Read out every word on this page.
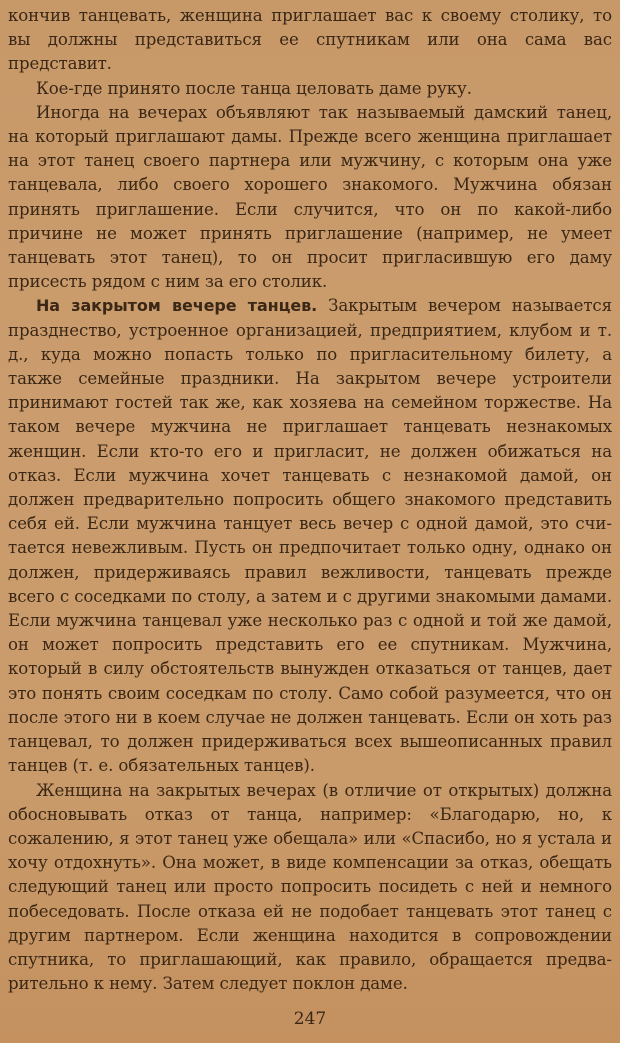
кончив танцевать, женщина приглашает вас к своему столику, то вы должны представиться ее спутникам или она сама вас представит.

Кое-где принято после танца целовать даме руку.

Иногда на вечерах объявляют так называемый дамский танец, на который приглашают дамы. Прежде всего женщина приглашает на этот танец своего партнера или мужчину, с которым она уже танцевала, либо своего хорошего знакомого. Мужчина обязан принять приглашение. Если случится, что он по какой-либо причине не может принять приглашение (например, не умеет танцевать этот танец), то он просит пригласившую его даму присесть рядом с ним за его столик.

На закрытом вечере танцев. Закрытым вечером называется празднество, устроенное организацией, предприятием, клубом и т. д., куда можно попасть только по пригласительному билету, а также семейные праздники. На закрытом вечере устроители принимают гостей так же, как хозяева на семейном торжестве. На таком вечере мужчина не приглашает танцевать незнакомых женщин. Если кто-то его и пригласит, не должен обижаться на отказ. Если мужчина хочет танцевать с незнакомой дамой, он должен предварительно попросить общего знакомого представить себя ей. Если мужчина танцует весь вечер с одной дамой, это считается невежливым. Пусть он предпочитает только одну, однако он должен, придерживаясь правил вежливости, танцевать прежде всего с соседками по столу, а затем и с другими знакомыми дамами. Если мужчина танцевал уже несколько раз с одной и той же дамой, он может попросить представить его ее спутникам. Мужчина, который в силу обстоятельств вынужден отказаться от танцев, дает это понять своим соседкам по столу. Само собой разумеется, что он после этого ни в коем случае не должен танцевать. Если он хоть раз танцевал, то должен придерживаться всех вышеописанных правил танцев (т. е. обязательных танцев).

Женщина на закрытых вечерах (в отличие от открытых) должна обосновывать отказ от танца, например: «Благодарю, но, к сожалению, я этот танец уже обещала» или «Спасибо, но я устала и хочу отдохнуть». Она может, в виде компенсации за отказ, обещать следующий танец или просто попросить посидеть с ней и немного побеседовать. После отказа ей не подобает танцевать этот танец с другим партнером. Если женщина находится в сопровождении спутника, то приглашающий, как правило, обращается предварительно к нему. Затем следует поклон даме.

247
